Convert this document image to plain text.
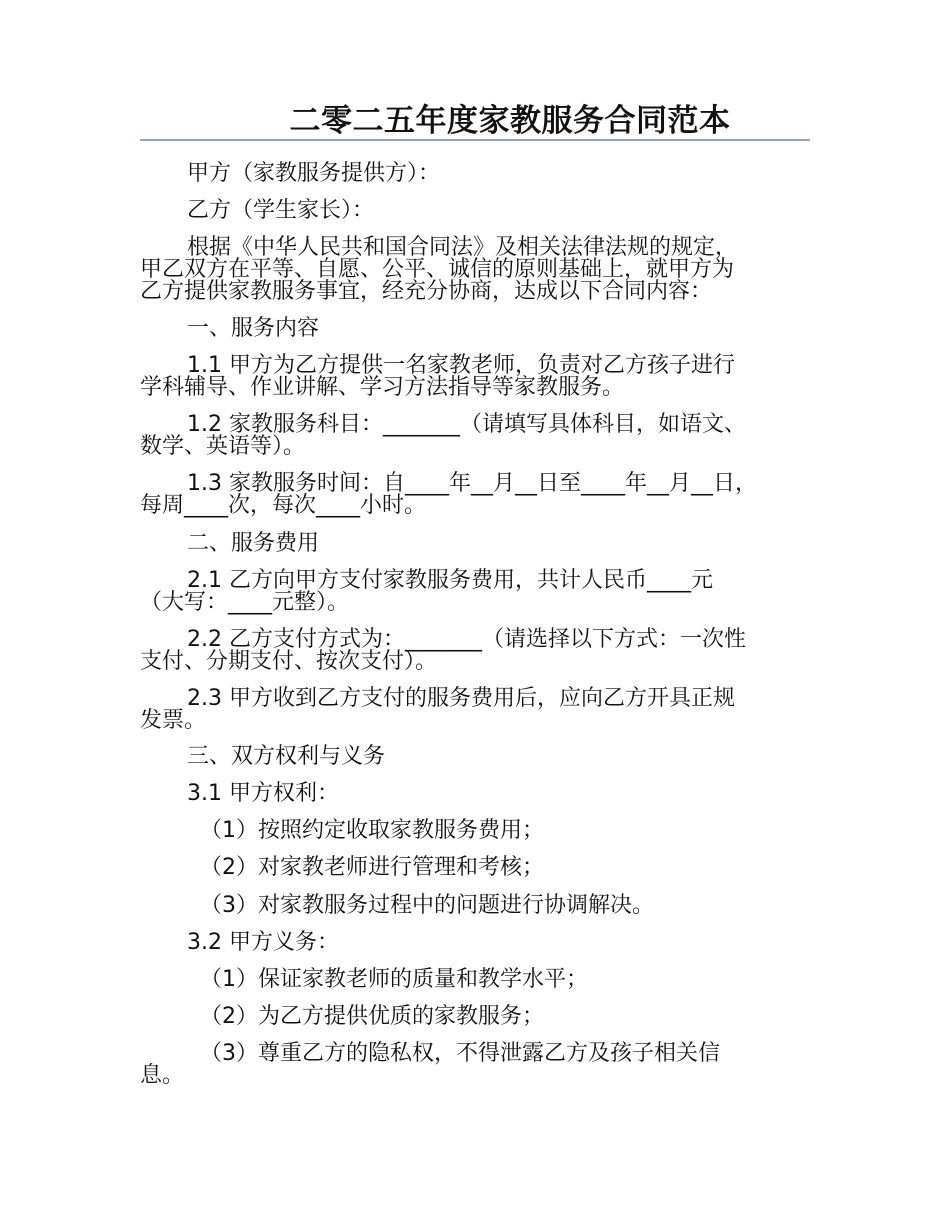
二零二五年度家教服务合同范本
甲方（家教服务提供方）：
乙方（学生家长）：
根据《中华人民共和国合同法》及相关法律法规的规定，
甲乙双方在平等、自愿、公平、诚信的原则基础上，就甲方为
乙方提供家教服务事宜，经充分协商，达成以下合同内容：
一、服务内容
1.1 甲方为乙方提供一名家教老师，负责对乙方孩子进行
学科辅导、作业讲解、学习方法指导等家教服务。
1.2 家教服务科目：_______（请填写具体科目，如语文、
数学、英语等）。
1.3 家教服务时间：自____年__月__日至____年__月__日，
每周____次，每次____小时。
二、服务费用
2.1 乙方向甲方支付家教服务费用，共计人民币____元
（大写：____元整）。
2.2 乙方支付方式为：_______（请选择以下方式：一次性
支付、分期支付、按次支付）。
2.3 甲方收到乙方支付的服务费用后，应向乙方开具正规
发票。
三、双方权利与义务
3.1 甲方权利：
（1）按照约定收取家教服务费用；
（2）对家教老师进行管理和考核；
（3）对家教服务过程中的问题进行协调解决。
3.2 甲方义务：
（1）保证家教老师的质量和教学水平；
（2）为乙方提供优质的家教服务；
（3）尊重乙方的隐私权，不得泄露乙方及孩子相关信
息。
